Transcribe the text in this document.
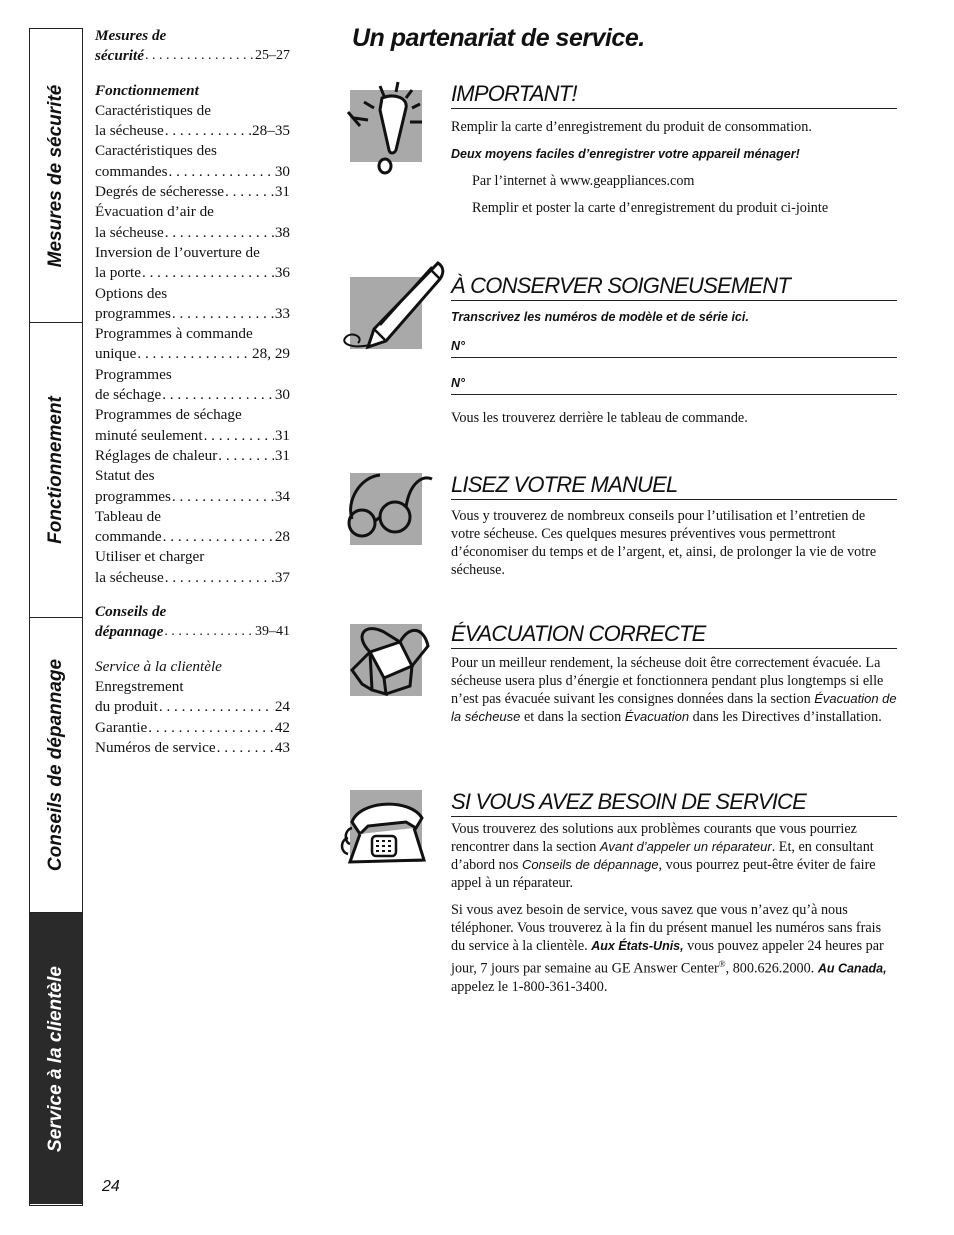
Mesures de sécurité
Fonctionnement
Conseils de dépannage
Service à la clientèle
Mesures de
sécurité . . .	25–27
Fonctionnement
Caractéristiques de
la sécheuse . . .	28–35
Caractéristiques des
commandes . . .	30
Degrés de sécheresse . . .	31
Évacuation d’air de
la sécheuse . . .	38
Inversion de l’ouverture de
la porte . . .	36
Options des
programmes . . .	33
Programmes à commande
unique . . .	28, 29
Programmes
de séchage . . .	30
Programmes de séchage
minuté seulement . . .	31
Réglages de chaleur . . .	31
Statut des
programmes . . .	34
Tableau de
commande . . .	28
Utiliser et charger
la sécheuse . . .	37
Conseils de
dépannage . . .	39–41
Service à la clientèle
Enregstrement
du produit . . .	24
Garantie . . .	42
Numéros de service . . .	43
24
Un partenariat de service.
IMPORTANT!

Remplir la carte d’enregistrement du produit de consommation.

Deux moyens faciles d’enregistrer votre appareil ménager!

Par l’internet à www.geappliances.com

Remplir et poster la carte d’enregistrement du produit ci-jointe

À CONSERVER SOIGNEUSEMENT

Transcrivez les numéros de modèle et de série ici.

N°
N°

Vous les trouverez derrière le tableau de commande.

LISEZ VOTRE MANUEL

Vous y trouverez de nombreux conseils pour l’utilisation et l’entretien de votre sécheuse. Ces quelques mesures préventives vous permettront d’économiser du temps et de l’argent, et, ainsi, de prolonger la vie de votre sécheuse.

ÉVACUATION CORRECTE

Pour un meilleur rendement, la sécheuse doit être correctement évacuée. La sécheuse usera plus d’énergie et fonctionnera pendant plus longtemps si elle n’est pas évacuée suivant les consignes données dans la section Évacuation de la sécheuse et dans la section Évacuation dans les Directives d’installation.

SI VOUS AVEZ BESOIN DE SERVICE

Vous trouverez des solutions aux problèmes courants que vous pourriez rencontrer dans la section Avant d’appeler un réparateur. Et, en consultant d’abord nos Conseils de dépannage, vous pourrez peut-être éviter de faire appel à un réparateur.

Si vous avez besoin de service, vous savez que vous n’avez qu’à nous téléphoner. Vous trouverez à la fin du présent manuel les numéros sans frais du service à la clientèle. Aux États-Unis, vous pouvez appeler 24 heures par jour, 7 jours par semaine au GE Answer Center®, 800.626.2000. Au Canada, appelez le 1-800-361-3400.
